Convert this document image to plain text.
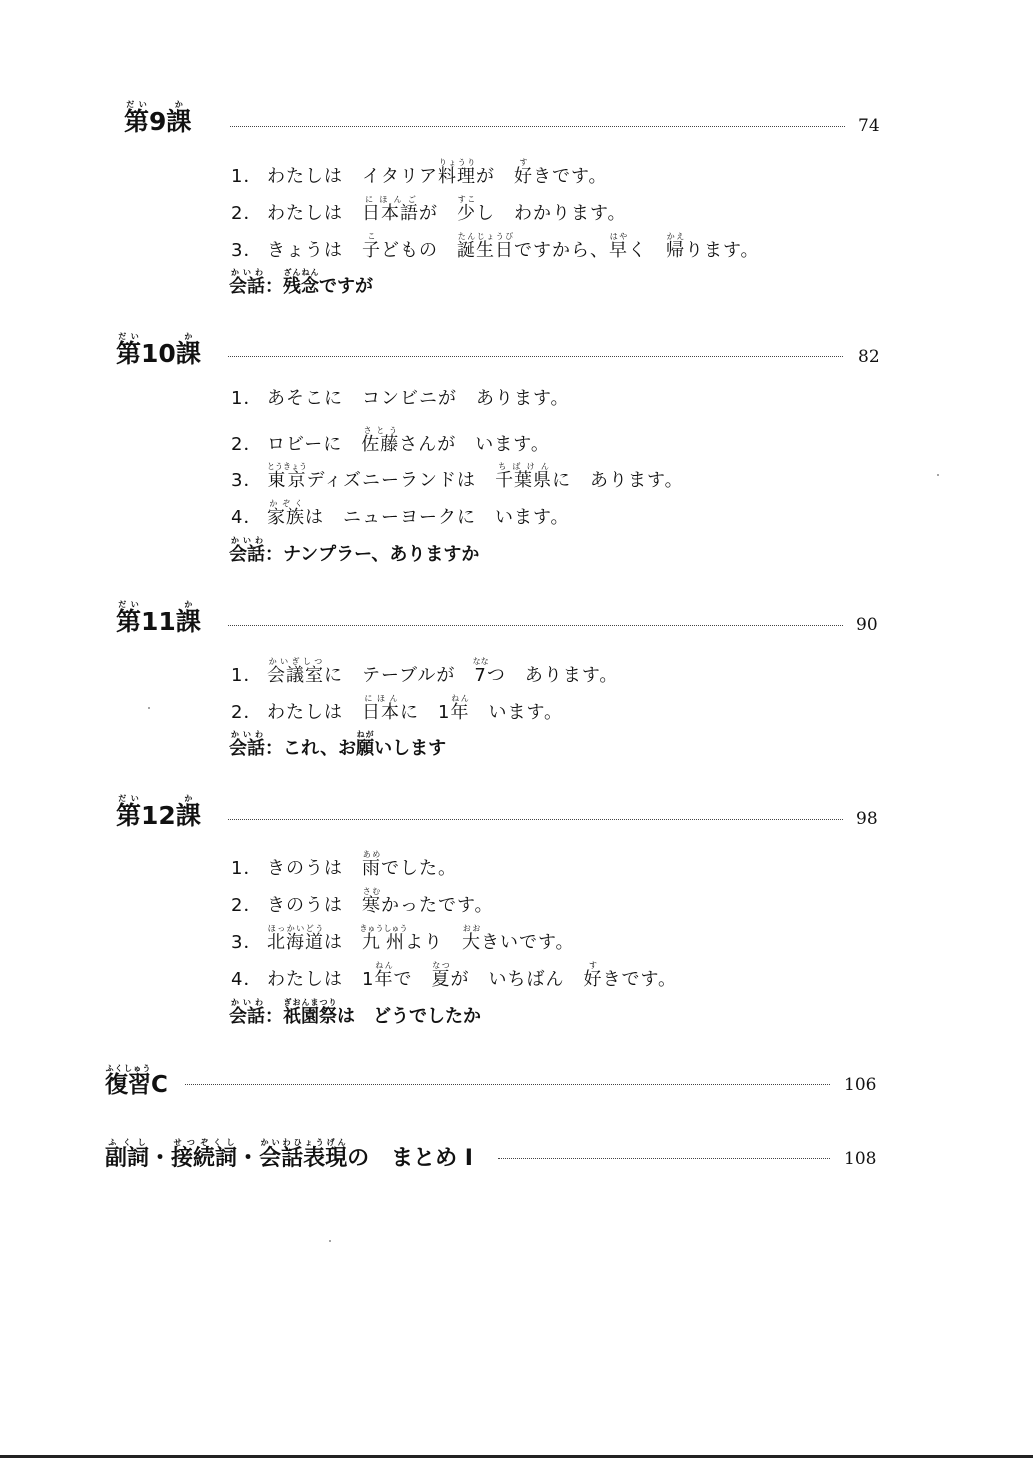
第だい9課か
74
1． わたしは　イタリア料理りょうりが　好すきです。
2． わたしは　日本語にほんごが　少すこし　わかります。
3． きょうは　子こどもの　誕生日たんじょうびですから、早はやく　帰かえります。
会話かいわ：残念ざんねんですが
第だい10課か
82
1． あそこに　コンビニが　あります。
2． ロビーに　佐藤さとうさんが　います。
3． 東京とうきょうディズニーランドは　千葉県ちばけんに　あります。
4． 家族かぞくは　ニューヨークに　います。
会話かいわ：ナンプラー、ありますか
第だい11課か
90
1． 会議室かいぎしつに　テーブルが　7ななつ　あります。
2． わたしは　日本にほんに　1年ねん　います。
会話かいわ：これ、お願ねがいします
第だい12課か
98
1． きのうは　雨あめでした。
2． きのうは　寒さむかったです。
3． 北海道ほっかいどうは　九州きゅうしゅうより　大おおきいです。
4． わたしは　1年ねんで　夏なつが　いちばん　好すきです。
会話かいわ：祇園祭ぎおんまつりは　どうでしたか
復習ふくしゅうC	106
副詞ふくし・接続詞せつぞくし・会話表現かいわひょうげんの　まとめ I	108
